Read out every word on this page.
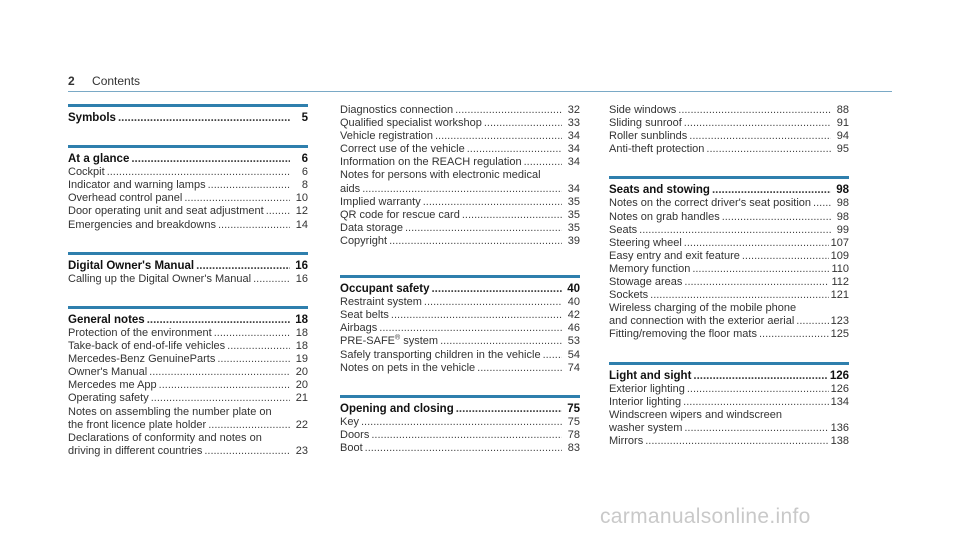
2 Contents
Symbols .....	5
At a glance .....	6
Cockpit .....	6
Indicator and warning lamps .....	8
Overhead control panel .....	10
Door operating unit and seat adjustment .....	12
Emergencies and breakdowns .....	14
Digital Owner's Manual .....	16
Calling up the Digital Owner's Manual .....	16
General notes .....	18
Protection of the environment .....	18
Take-back of end-of-life vehicles .....	18
Mercedes-Benz GenuineParts .....	19
Owner's Manual .....	20
Mercedes me App .....	20
Operating safety .....	21
Notes on assembling the number plate on
the front licence plate holder .....	22
Declarations of conformity and notes on
driving in different countries .....	23
Diagnostics connection .....	32
Qualified specialist workshop .....	33
Vehicle registration .....	34
Correct use of the vehicle .....	34
Information on the REACH regulation .....	34
Notes for persons with electronic medical
aids .....	34
Implied warranty .....	35
QR code for rescue card .....	35
Data storage .....	35
Copyright .....	39
Occupant safety .....	40
Restraint system .....	40
Seat belts .....	42
Airbags .....	46
PRE-SAFE® system .....	53
Safely transporting children in the vehicle .....	54
Notes on pets in the vehicle .....	74
Opening and closing .....	75
Key .....	75
Doors .....	78
Boot .....	83
Side windows .....	88
Sliding sunroof .....	91
Roller sunblinds .....	94
Anti-theft protection .....	95
Seats and stowing .....	98
Notes on the correct driver's seat position .....	98
Notes on grab handles .....	98
Seats .....	99
Steering wheel .....	107
Easy entry and exit feature .....	109
Memory function .....	110
Stowage areas .....	112
Sockets .....	121
Wireless charging of the mobile phone
and connection with the exterior aerial .....	123
Fitting/removing the floor mats .....	125
Light and sight .....	126
Exterior lighting .....	126
Interior lighting .....	134
Windscreen wipers and windscreen
washer system .....	136
Mirrors .....	138
carmanualsonline.info
